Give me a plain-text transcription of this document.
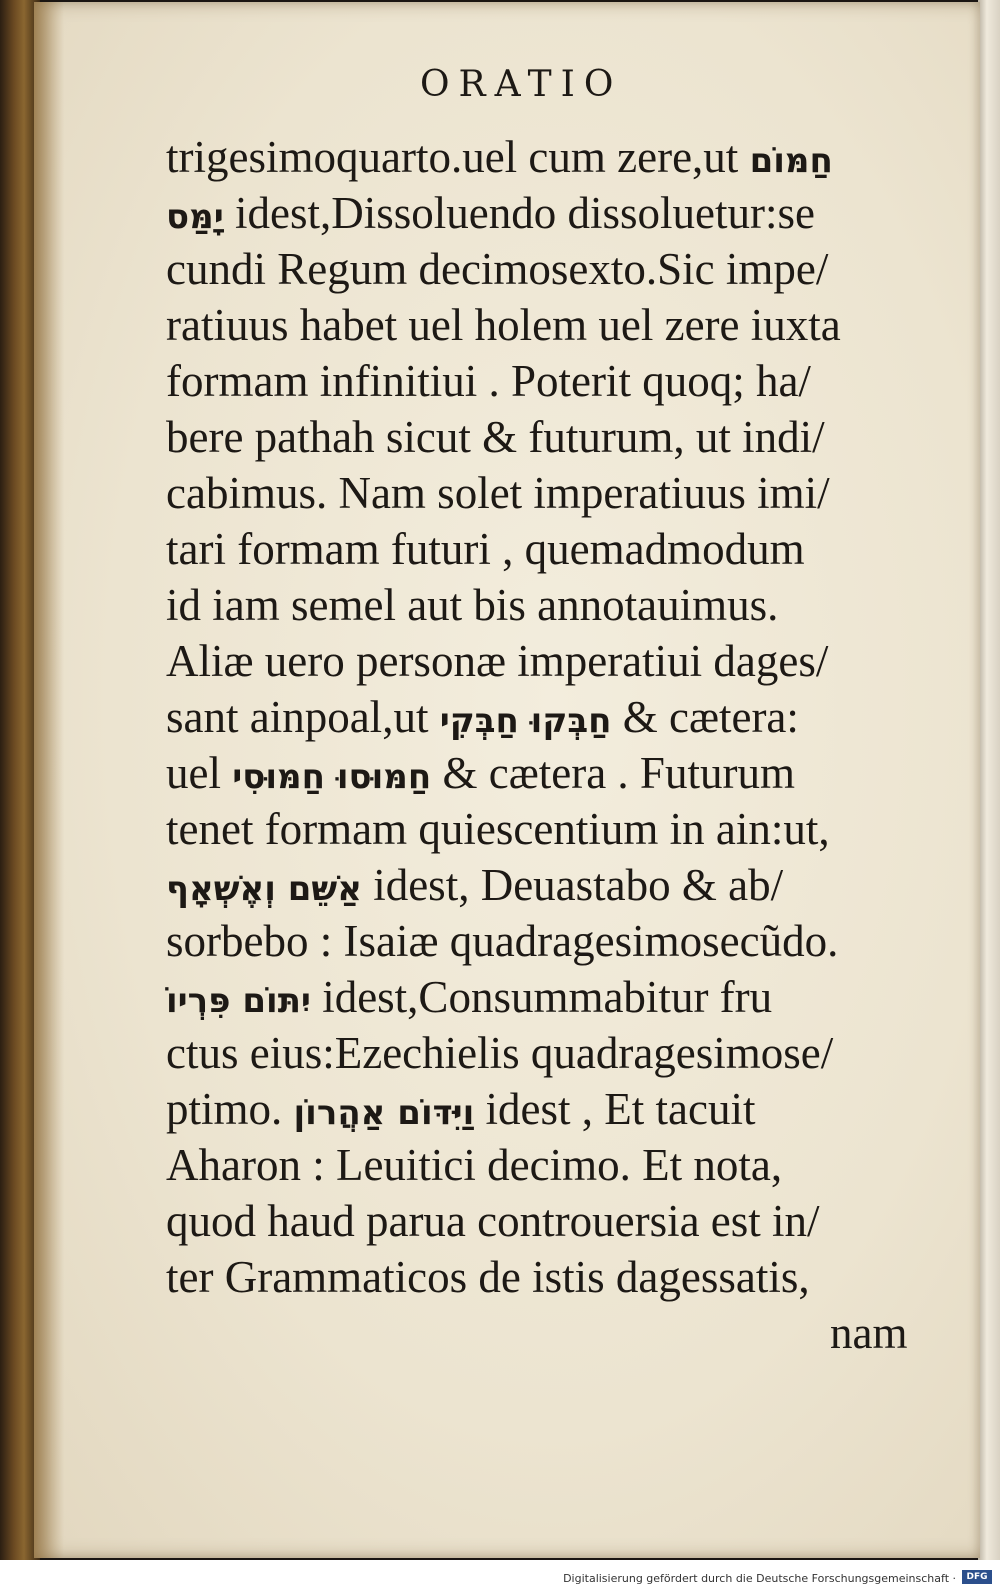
ORATIO
trigesimoquarto.uel cum zere,ut חַמּוֹם
יָמַּס idest,Dissoluendo dissoluetur:se
cundi Regum decimosexto.Sic impe/
ratiuus habet uel holem uel zere iuxta
formam infinitiui . Poterit quoq; ha/
bere pathah sicut & futurum, ut indi/
cabimus. Nam solet imperatiuus imi/
tari formam futuri , quemadmodum
id iam semel aut bis annotauimus.
Aliæ uero personæ imperatiui dages/
sant ainpoal,ut חַבְּקוּ חַבְּקִי & cætera:
uel חַמּוּסוּ חַמּוּסִי & cætera . Futurum
tenet formam quiescentium in ain:ut,
אַשֵּׁם וְאֶשְׁאָף idest, Deuastabo & ab/
sorbebo : Isaiæ quadragesimosecũdo.
יִתּוֹם פִּרְיוֹ idest,Consummabitur fru
ctus eius:Ezechielis quadragesimose/
ptimo. וַיִּדּוֹם אַהֲרוֹן idest , Et tacuit
Aharon : Leuitici decimo. Et nota,
quod haud parua controuersia est in/
ter Grammaticos de istis dagessatis,
nam
Digitalisierung gefördert durch die Deutsche Forschungsgemeinschaft ·	DFG
